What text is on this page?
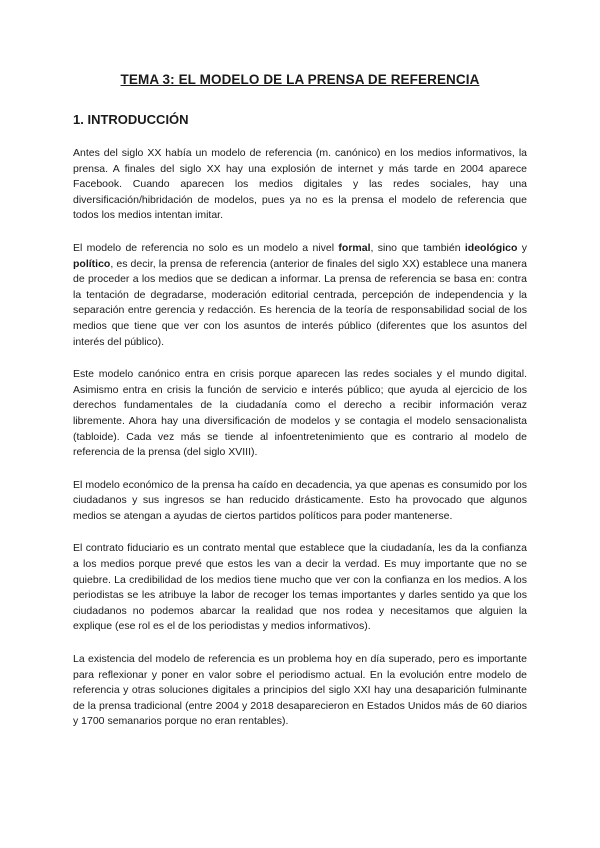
TEMA 3: EL MODELO DE LA PRENSA DE REFERENCIA
1. INTRODUCCIÓN

Antes del siglo XX había un modelo de referencia (m. canónico) en los medios informativos, la prensa. A finales del siglo XX hay una explosión de internet y más tarde en 2004 aparece Facebook. Cuando aparecen los medios digitales y las redes sociales, hay una diversificación/hibridación de modelos, pues ya no es la prensa el modelo de referencia que todos los medios intentan imitar.

El modelo de referencia no solo es un modelo a nivel formal, sino que también ideológico y político, es decir, la prensa de referencia (anterior de finales del siglo XX) establece una manera de proceder a los medios que se dedican a informar. La prensa de referencia se basa en: contra la tentación de degradarse, moderación editorial centrada, percepción de independencia y la separación entre gerencia y redacción. Es herencia de la teoría de responsabilidad social de los medios que tiene que ver con los asuntos de interés público (diferentes que los asuntos del interés del público).

Este modelo canónico entra en crisis porque aparecen las redes sociales y el mundo digital. Asimismo entra en crisis la función de servicio e interés público; que ayuda al ejercicio de los derechos fundamentales de la ciudadanía como el derecho a recibir información veraz libremente. Ahora hay una diversificación de modelos y se contagia el modelo sensacionalista (tabloide). Cada vez más se tiende al infoentretenimiento que es contrario al modelo de referencia de la prensa (del siglo XVIII).

El modelo económico de la prensa ha caído en decadencia, ya que apenas es consumido por los ciudadanos y sus ingresos se han reducido drásticamente. Esto ha provocado que algunos medios se atengan a ayudas de ciertos partidos políticos para poder mantenerse.

El contrato fiduciario es un contrato mental que establece que la ciudadanía, les da la confianza a los medios porque prevé que estos les van a decir la verdad. Es muy importante que no se quiebre. La credibilidad de los medios tiene mucho que ver con la confianza en los medios. A los periodistas se les atribuye la labor de recoger los temas importantes y darles sentido ya que los ciudadanos no podemos abarcar la realidad que nos rodea y necesitamos que alguien la explique (ese rol es el de los periodistas y medios informativos).

La existencia del modelo de referencia es un problema hoy en día superado, pero es importante para reflexionar y poner en valor sobre el periodismo actual. En la evolución entre modelo de referencia y otras soluciones digitales a principios del siglo XXI hay una desaparición fulminante de la prensa tradicional (entre 2004 y 2018 desaparecieron en Estados Unidos más de 60 diarios y 1700 semanarios porque no eran rentables).
